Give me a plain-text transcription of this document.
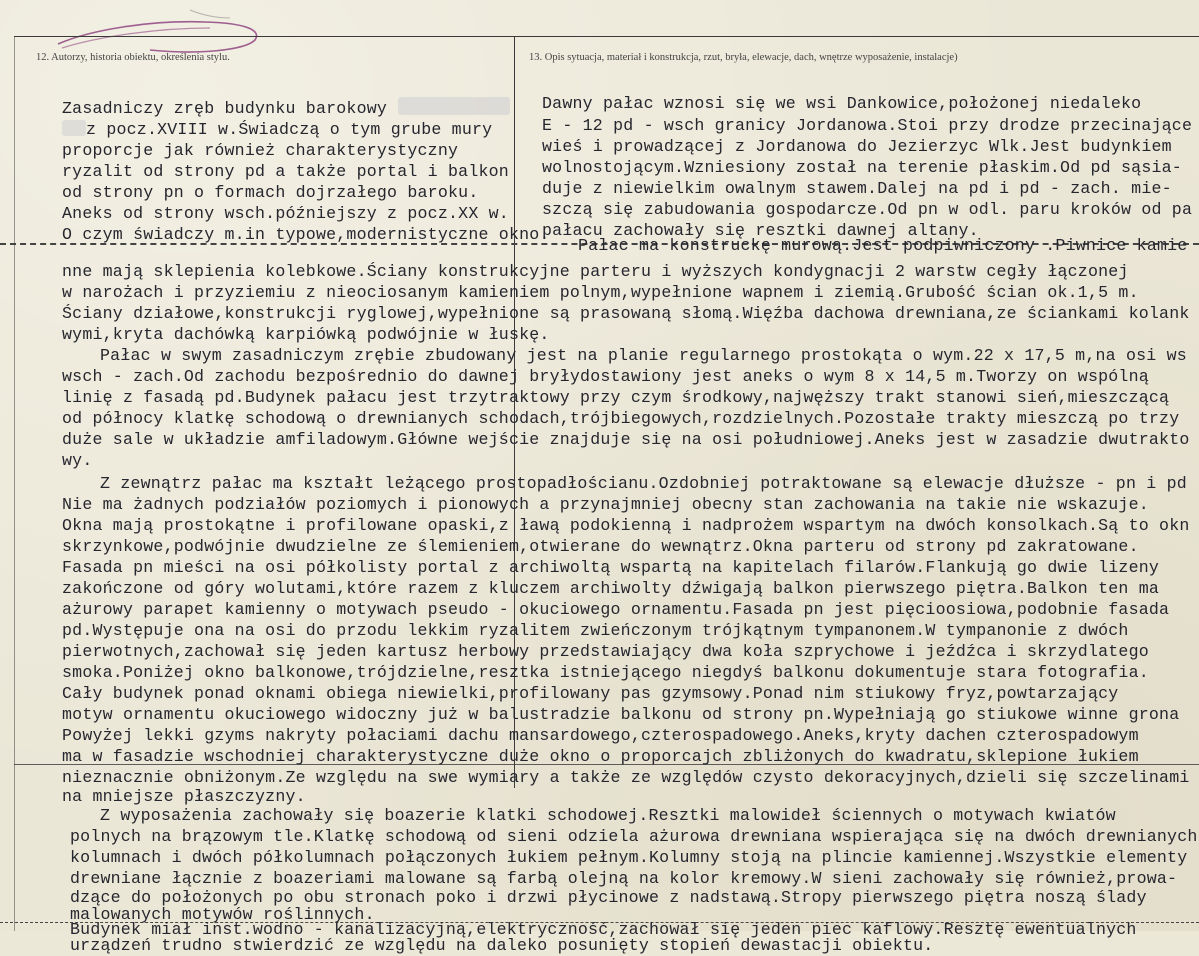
12. Autorzy, historia obiektu, określenia stylu.	13. Opis sytuacja, materiał i konstrukcja, rzut, bryła, elewacje, dach, wnętrze wyposażenie, instalacje)
Zasadniczy zręb budynku barokowy	Dawny pałac wznosi się we wsi Dankowice,położonej niedaleko
z pocz.XVIII w.Świadczą o tym grube mury	E - 12 pd - wsch granicy Jordanowa.Stoi przy drodze przecinające
proporcje jak również charakterystyczny	wieś i prowadzącej z Jordanowa do Jezierzyc Wlk.Jest budynkiem
ryzalit od strony pd a także portal i balkon wolnostojącym.Wzniesiony został na terenie płaskim.Od pd sąsia-
od strony pn o formach dojrzałego baroku.	duje z niewielkim owalnym stawem.Dalej na pd i pd - zach. mie-
Aneks od strony wsch.późniejszy z pocz.XX w. szczą się zabudowania gospodarcze.Od pn w odl. paru kroków od pa
O czym świadczy m.in typowe,modernistyczne okno.
pałacu zachowały się resztki dawnej altany.
Pałac ma konstruckę murową.Jest podpiwniczony .Piwnice kamie
nne mają sklepienia kolebkowe.Ściany konstrukcyjne parteru i wyższych kondygnacji 2 warstw cegły łączonej
w narożach i przyziemiu z nieociosanym kamieniem polnym,wypełnione wapnem i ziemią.Grubość ścian ok.1,5 m.
Ściany działowe,konstrukcji ryglowej,wypełnione są prasowaną słomą.Więźba dachowa drewniana,ze ściankami kolank
wymi,kryta dachówką karpiówką podwójnie w łuskę.
Pałac w swym zasadniczym zrębie zbudowany jest na planie regularnego prostokąta o wym.22 x 17,5 m,na osi ws
wsch - zach.Od zachodu bezpośrednio do dawnej bryłydostawiony jest aneks o wym 8 x 14,5 m.Tworzy on wspólną
linię z fasadą pd.Budynek pałacu jest trzytraktowy przy czym środkowy,najwęższy trakt stanowi sień,mieszczącą
od północy klatkę schodową o drewnianych schodach,trójbiegowych,rozdzielnych.Pozostałe trakty mieszczą po trzy
duże sale w układzie amfiladowym.Główne wejście znajduje się na osi południowej.Aneks jest w zasadzie dwutrakto
wy.
Z zewnątrz pałac ma kształt leżącego prostopadłościanu.Ozdobniej potraktowane są elewacje dłuższe - pn i pd
Nie ma żadnych podziałów poziomych i pionowych a przynajmniej obecny stan zachowania na takie nie wskazuje.
Okna mają prostokątne i profilowane opaski,z ławą podokienną i nadprożem wspartym na dwóch konsolkach.Są to okn
skrzynkowe,podwójnie dwudzielne ze ślemieniem,otwierane do wewnątrz.Okna parteru od strony pd zakratowane.
Fasada pn mieści na osi półkolisty portal z archiwoltą wspartą na kapitelach filarów.Flankują go dwie lizeny
zakończone od góry wolutami,które razem z kluczem archiwolty dźwigają balkon pierwszego piętra.Balkon ten ma
ażurowy parapet kamienny o motywach pseudo - okuciowego ornamentu.Fasada pn jest pięcioosiowa,podobnie fasada
pd.Występuje ona na osi do przodu lekkim ryzalitem zwieńczonym trójkątnym tympanonem.W tympanonie z dwóch
pierwotnych,zachował się jeden kartusz herbowy przedstawiający dwa koła szprychowe i jeźdźca i skrzydlatego
smoka.Poniżej okno balkonowe,trójdzielne,resztka istniejącego niegdyś balkonu dokumentuje stara fotografia.
Cały budynek ponad oknami obiega niewielki,profilowany pas gzymsowy.Ponad nim stiukowy fryz,powtarzający
motyw ornamentu okuciowego widoczny już w balustradzie balkonu od strony pn.Wypełniają go stiukowe winne grona
Powyżej lekki gzyms nakryty połaciami dachu mansardowego,czterospadowego.Aneks,kryty dachen czterospadowym
ma w fasadzie wschodniej charakterystyczne duże okno o proporcajch zbliżonych do kwadratu,sklepione łukiem
nieznacznie obniżonym.Ze względu na swe wymiary a także ze względów czysto dekoracyjnych,dzieli się szczelinami
na mniejsze płaszczyzny.
Z wyposażenia zachowały się boazerie klatki schodowej.Resztki malowideł ściennych o motywach kwiatów
polnych na brązowym tle.Klatkę schodową od sieni odziela ażurowa drewniana wspierająca się na dwóch drewnianych
kolumnach i dwóch półkolumnach połączonych łukiem pełnym.Kolumny stoją na plincie kamiennej.Wszystkie elementy
drewniane łącznie z boazeriami malowane są farbą olejną na kolor kremowy.W sieni zachowały się również,prowa-
dzące do położonych po obu stronach poko i drzwi płycinowe z nadstawą.Stropy pierwszego piętra noszą ślady
malowanych motywów roślinnych.
Budynek miał inst.wodno - kanalizacyjną,elektryczność,zachował się jeden piec kaflowy.Resztę ewentualnych
urządzeń trudno stwierdzić ze względu na daleko posunięty stopień dewastacji obiektu.
